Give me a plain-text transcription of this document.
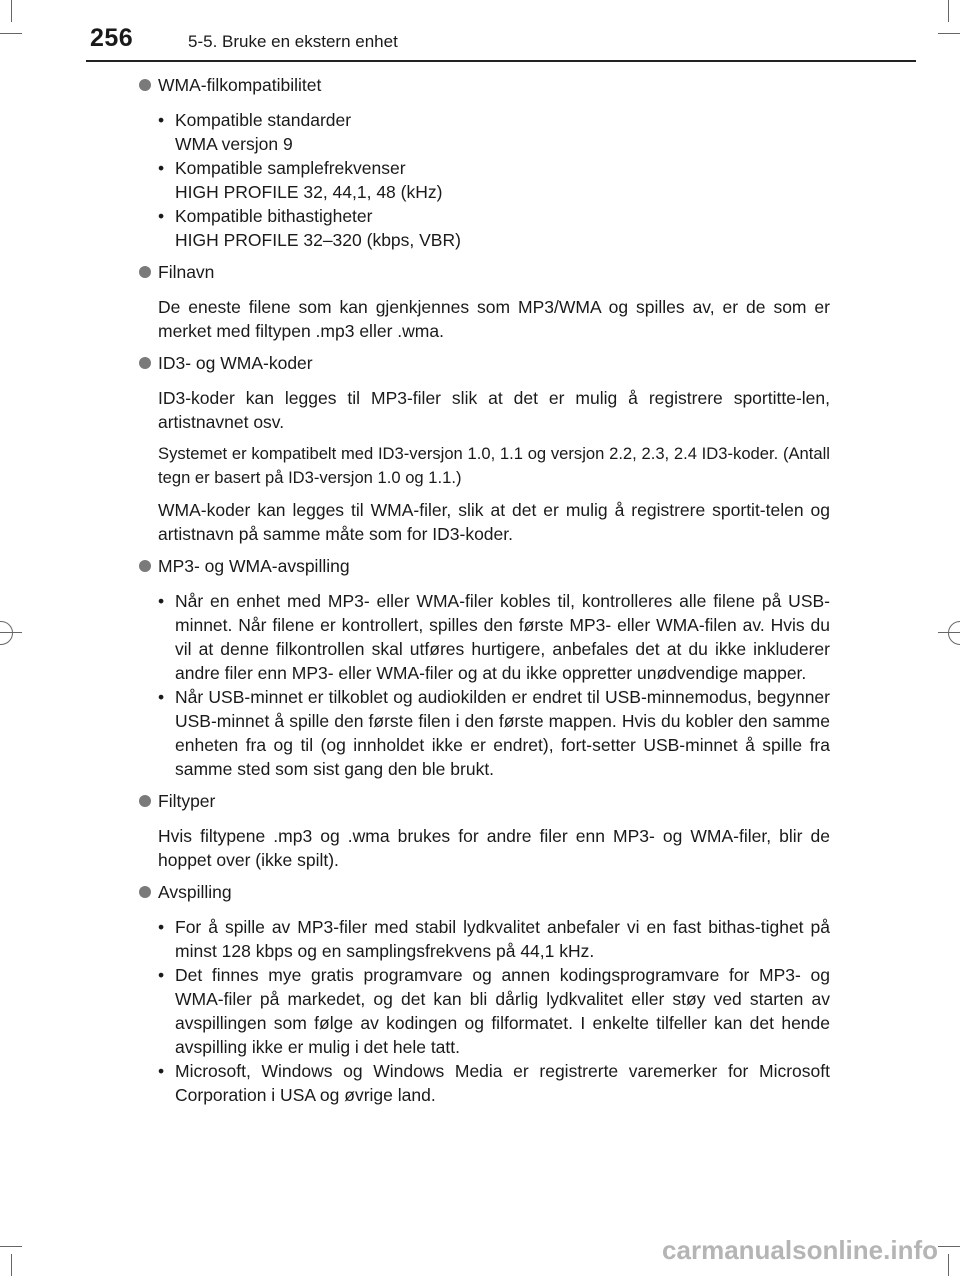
256	5-5. Bruke en ekstern enhet
WMA-filkompatibilitet
• Kompatible standarder
WMA versjon 9
• Kompatible samplefrekvenser
HIGH PROFILE 32, 44,1, 48 (kHz)
• Kompatible bithastigheter
HIGH PROFILE 32–320 (kbps, VBR)
Filnavn

De eneste filene som kan gjenkjennes som MP3/WMA og spilles av, er de som er merket med filtypen .mp3 eller .wma.

ID3- og WMA-koder

ID3-koder kan legges til MP3-filer slik at det er mulig å registrere sportitte-len, artistnavnet osv.

Systemet er kompatibelt med ID3-versjon 1.0, 1.1 og versjon 2.2, 2.3, 2.4 ID3-koder. (Antall tegn er basert på ID3-versjon 1.0 og 1.1.)

WMA-koder kan legges til WMA-filer, slik at det er mulig å registrere sportit-telen og artistnavn på samme måte som for ID3-koder.

MP3- og WMA-avspilling
• Når en enhet med MP3- eller WMA-filer kobles til, kontrolleres alle filene på USB-minnet. Når filene er kontrollert, spilles den første MP3- eller WMA-filen av. Hvis du vil at denne filkontrollen skal utføres hurtigere, anbefales det at du ikke inkluderer andre filer enn MP3- eller WMA-filer og at du ikke oppretter unødvendige mapper.
• Når USB-minnet er tilkoblet og audiokilden er endret til USB-minnemodus, begynner USB-minnet å spille den første filen i den første mappen. Hvis du kobler den samme enheten fra og til (og innholdet ikke er endret), fort-setter USB-minnet å spille fra samme sted som sist gang den ble brukt.
Filtyper

Hvis filtypene .mp3 og .wma brukes for andre filer enn MP3- og WMA-filer, blir de hoppet over (ikke spilt).

Avspilling
• For å spille av MP3-filer med stabil lydkvalitet anbefaler vi en fast bithas-tighet på minst 128 kbps og en samplingsfrekvens på 44,1 kHz.
• Det finnes mye gratis programvare og annen kodingsprogramvare for MP3- og WMA-filer på markedet, og det kan bli dårlig lydkvalitet eller støy ved starten av avspillingen som følge av kodingen og filformatet. I enkelte tilfeller kan det hende avspilling ikke er mulig i det hele tatt.
• Microsoft, Windows og Windows Media er registrerte varemerker for Microsoft Corporation i USA og øvrige land.
carmanualsonline.info
